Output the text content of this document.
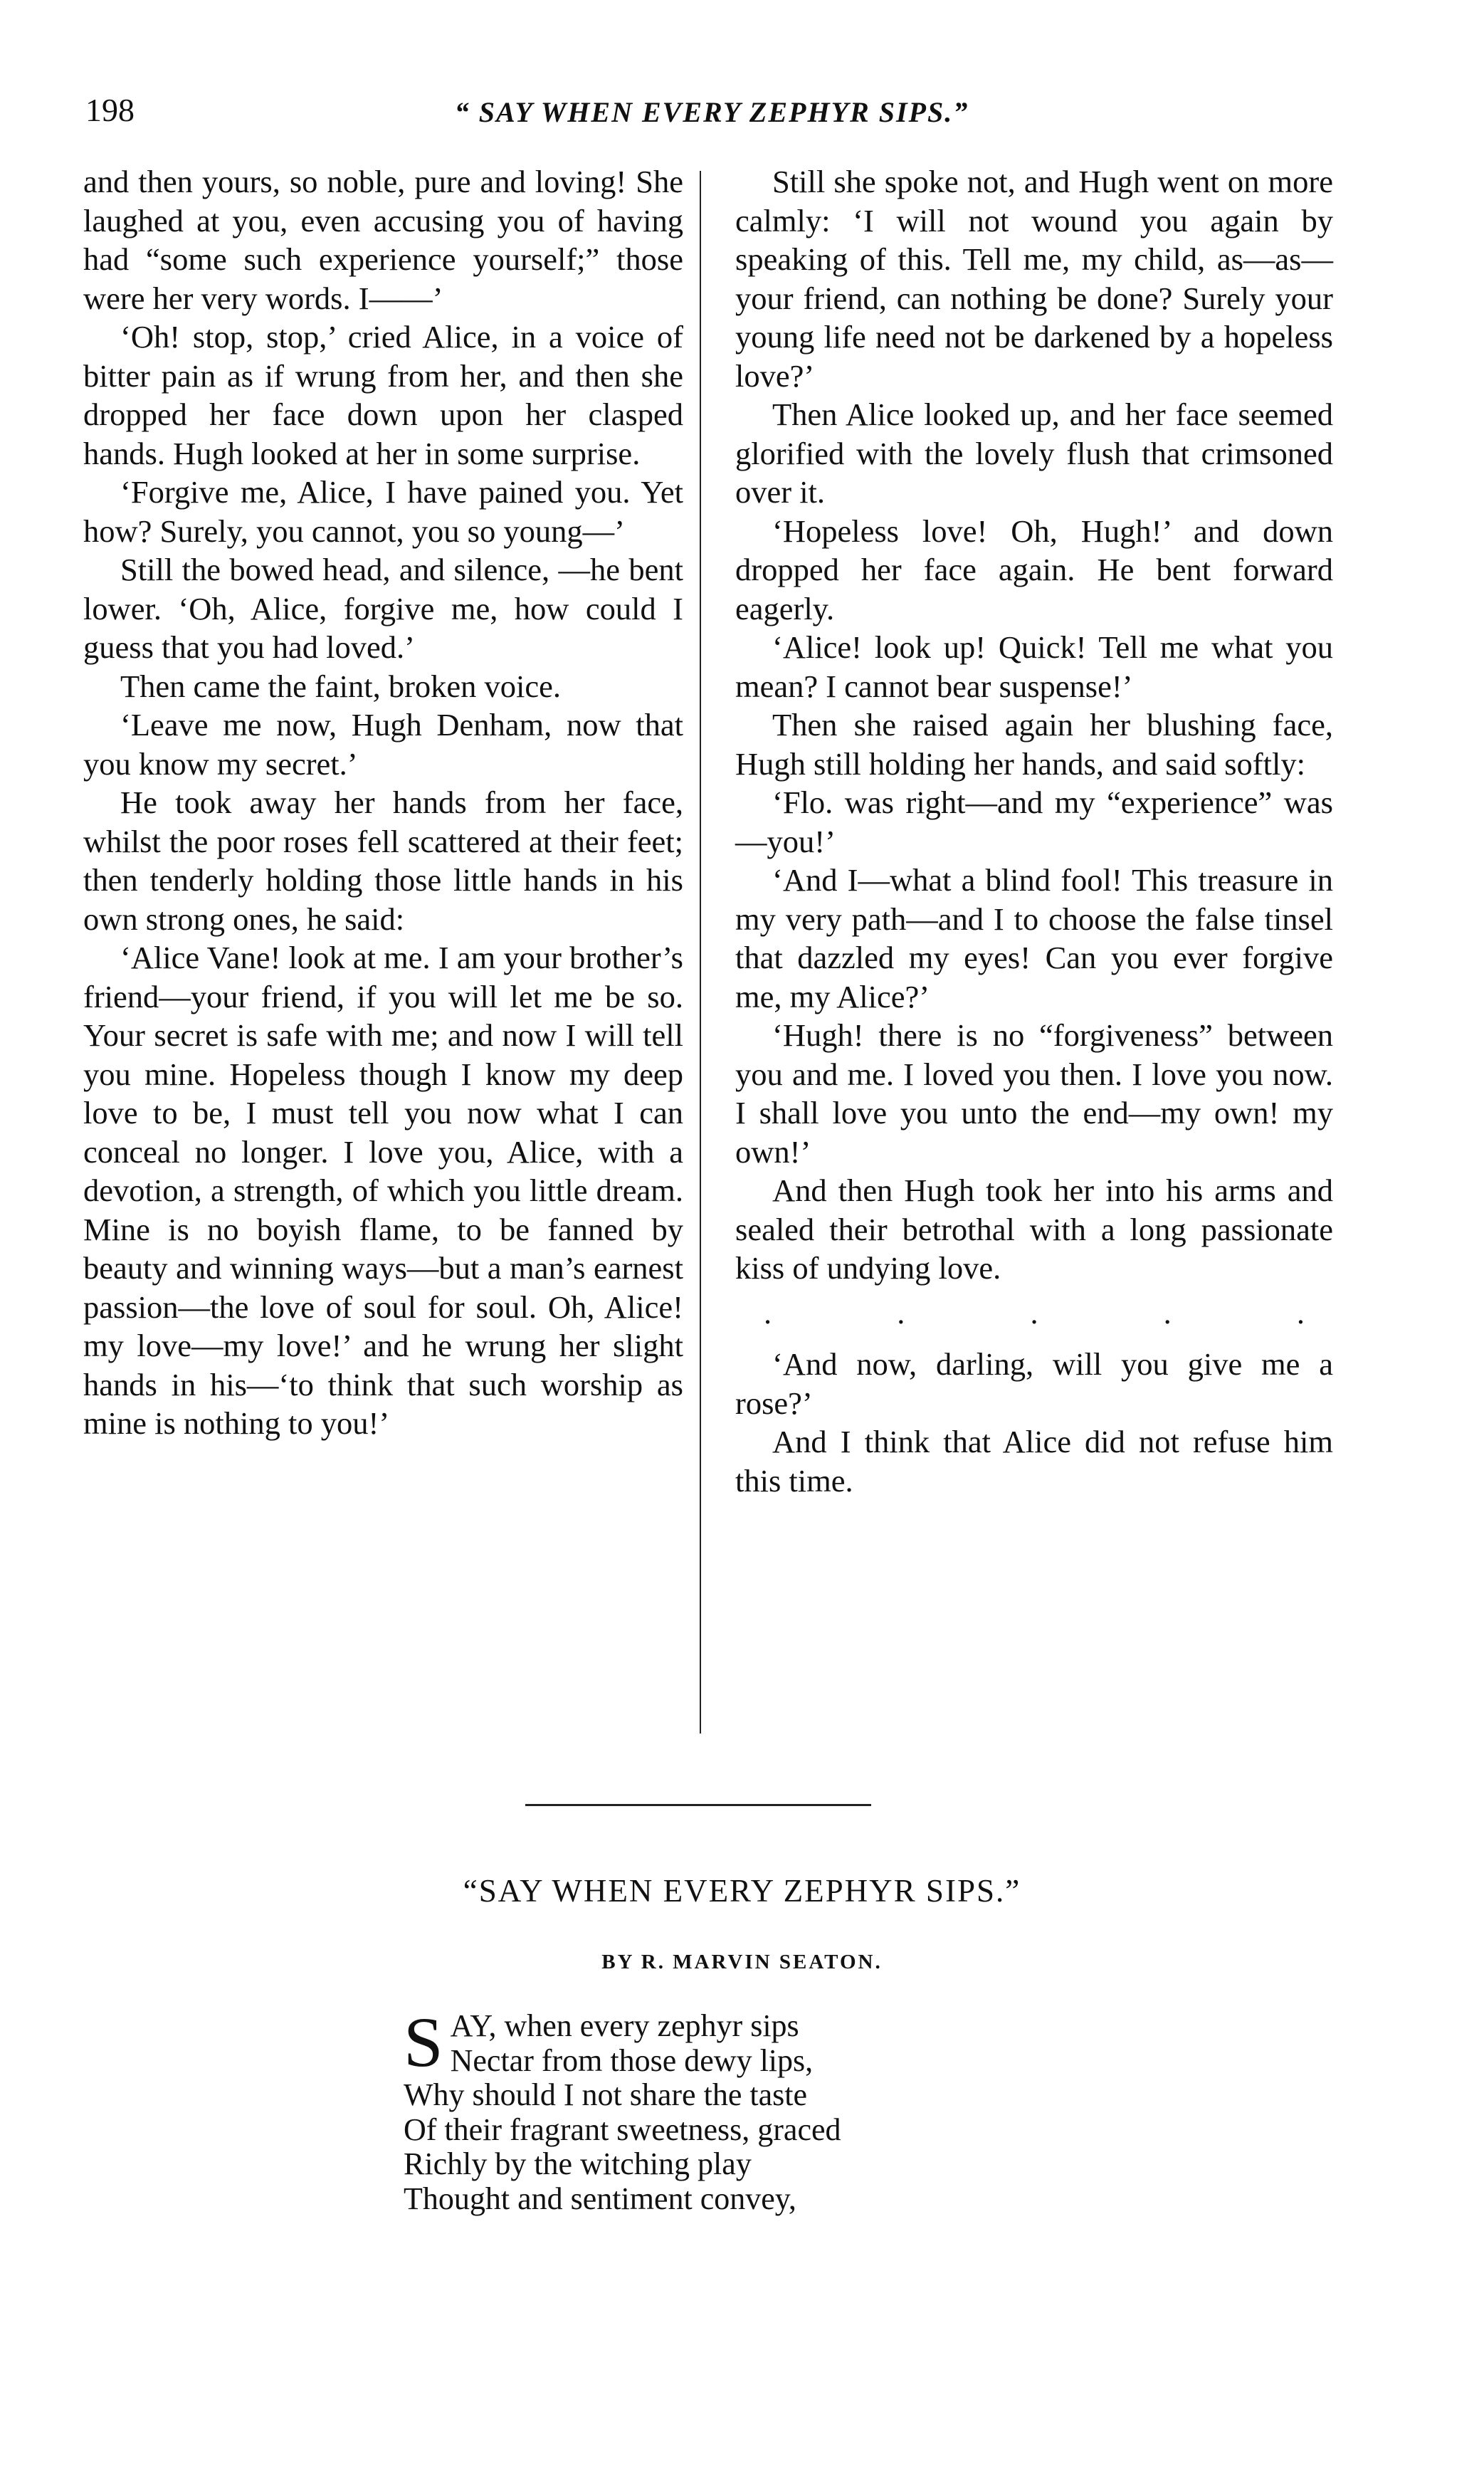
198	“ SAY WHEN EVERY ZEPHYR SIPS.”

and then yours, so noble, pure and loving! She laughed at you, even accusing you of having had “some such experience yourself;” those were her very words. I——’

‘Oh! stop, stop,’ cried Alice, in a voice of bitter pain as if wrung from her, and then she dropped her face down upon her clasped hands. Hugh looked at her in some surprise.

‘Forgive me, Alice, I have pained you. Yet how? Surely, you cannot, you so young—’

Still the bowed head, and silence, —he bent lower. ‘Oh, Alice, forgive me, how could I guess that you had loved.’

Then came the faint, broken voice.

‘Leave me now, Hugh Denham, now that you know my secret.’

He took away her hands from her face, whilst the poor roses fell scattered at their feet; then tenderly holding those little hands in his own strong ones, he said:

‘Alice Vane! look at me. I am your brother’s friend—your friend, if you will let me be so. Your secret is safe with me; and now I will tell you mine. Hopeless though I know my deep love to be, I must tell you now what I can conceal no longer. I love you, Alice, with a devotion, a strength, of which you little dream. Mine is no boyish flame, to be fanned by beauty and winning ways—but a man’s earnest passion—the love of soul for soul. Oh, Alice! my love—my love!’ and he wrung her slight hands in his—‘to think that such worship as mine is nothing to you!’

Still she spoke not, and Hugh went on more calmly: ‘I will not wound you again by speaking of this. Tell me, my child, as—as—your friend, can nothing be done? Surely your young life need not be darkened by a hopeless love?’

Then Alice looked up, and her face seemed glorified with the lovely flush that crimsoned over it.

‘Hopeless love! Oh, Hugh!’ and down dropped her face again. He bent forward eagerly.

‘Alice! look up! Quick! Tell me what you mean? I cannot bear suspense!’

Then she raised again her blushing face, Hugh still holding her hands, and said softly:

‘Flo. was right—and my “experience” was—you!’

‘And I—what a blind fool! This treasure in my very path—and I to choose the false tinsel that dazzled my eyes! Can you ever forgive me, my Alice?’

‘Hugh! there is no “forgiveness” between you and me. I loved you then. I love you now. I shall love you unto the end—my own! my own!’

And then Hugh took her into his arms and sealed their betrothal with a long passionate kiss of undying love.

.	.	.	.	.

‘And now, darling, will you give me a rose?’

And I think that Alice did not refuse him this time.

“SAY WHEN EVERY ZEPHYR SIPS.”
BY R. MARVIN SEATON.
S AY, when every zephyr sips
Nectar from those dewy lips,
Why should I not share the taste
Of their fragrant sweetness, graced
Richly by the witching play
Thought and sentiment convey,
